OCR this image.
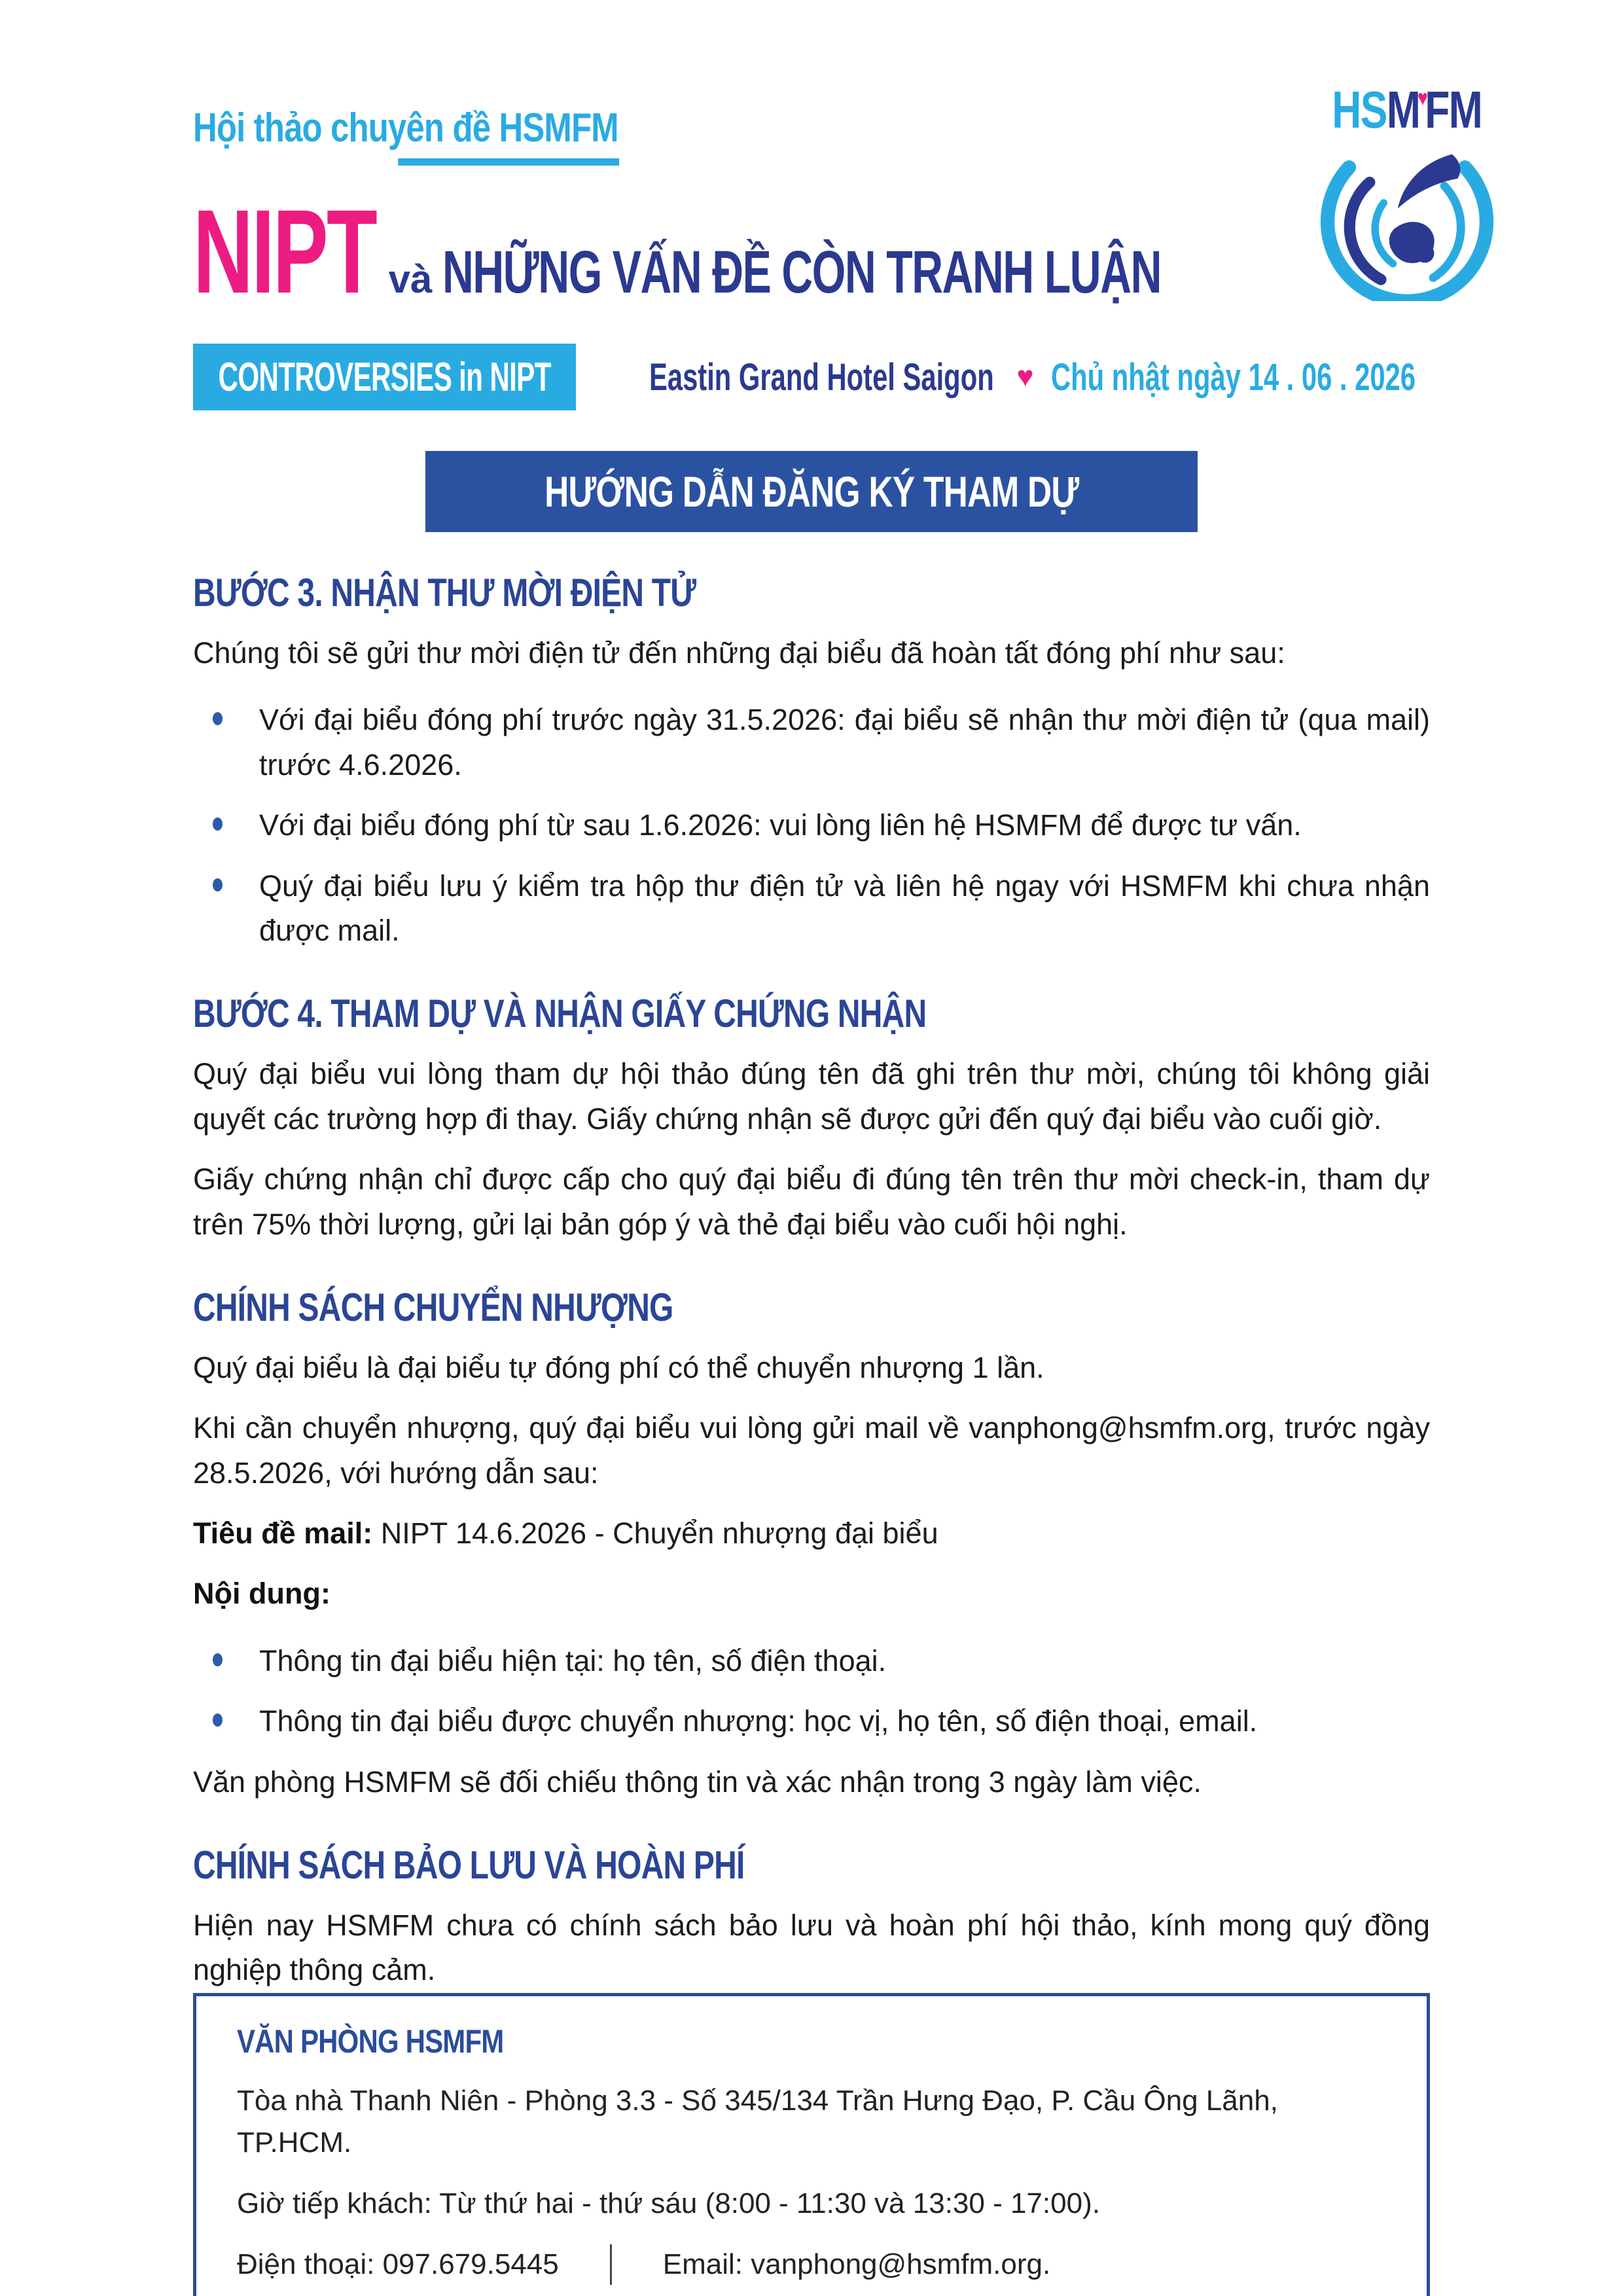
HSM♥FM
Hội thảo chuyên đề HSMFM
NIPT và NHỮNG VẤN ĐỀ CÒN TRANH LUẬN
CONTROVERSIES in NIPT	Eastin Grand Hotel Saigon ♥ Chủ nhật ngày 14 . 06 . 2026
HƯỚNG DẪN ĐĂNG KÝ THAM DỰ
BƯỚC 3. NHẬN THƯ MỜI ĐIỆN TỬ
Chúng tôi sẽ gửi thư mời điện tử đến những đại biểu đã hoàn tất đóng phí như sau:
Với đại biểu đóng phí trước ngày 31.5.2026: đại biểu sẽ nhận thư mời điện tử (qua mail) trước 4.6.2026.
Với đại biểu đóng phí từ sau 1.6.2026: vui lòng liên hệ HSMFM để được tư vấn.
Quý đại biểu lưu ý kiểm tra hộp thư điện tử và liên hệ ngay với HSMFM khi chưa nhận được mail.
BƯỚC 4. THAM DỰ VÀ NHẬN GIẤY CHỨNG NHẬN
Quý đại biểu vui lòng tham dự hội thảo đúng tên đã ghi trên thư mời, chúng tôi không giải quyết các trường hợp đi thay. Giấy chứng nhận sẽ được gửi đến quý đại biểu vào cuối giờ.
Giấy chứng nhận chỉ được cấp cho quý đại biểu đi đúng tên trên thư mời check-in, tham dự trên 75% thời lượng, gửi lại bản góp ý và thẻ đại biểu vào cuối hội nghị.
CHÍNH SÁCH CHUYỂN NHƯỢNG
Quý đại biểu là đại biểu tự đóng phí có thể chuyển nhượng 1 lần.
Khi cần chuyển nhượng, quý đại biểu vui lòng gửi mail về vanphong@hsmfm.org, trước ngày 28.5.2026, với hướng dẫn sau:
Tiêu đề mail: NIPT 14.6.2026 - Chuyển nhượng đại biểu
Nội dung:
Thông tin đại biểu hiện tại: họ tên, số điện thoại.
Thông tin đại biểu được chuyển nhượng: học vị, họ tên, số điện thoại, email.
Văn phòng HSMFM sẽ đối chiếu thông tin và xác nhận trong 3 ngày làm việc.
CHÍNH SÁCH BẢO LƯU VÀ HOÀN PHÍ
Hiện nay HSMFM chưa có chính sách bảo lưu và hoàn phí hội thảo, kính mong quý đồng nghiệp thông cảm.
VĂN PHÒNG HSMFM
Tòa nhà Thanh Niên - Phòng 3.3 - Số 345/134 Trần Hưng Đạo, P. Cầu Ông Lãnh, TP.HCM.
Giờ tiếp khách: Từ thứ hai - thứ sáu (8:00 - 11:30 và 13:30 - 17:00).
Điện thoại: 097.679.5445	Email: vanphong@hsmfm.org.
